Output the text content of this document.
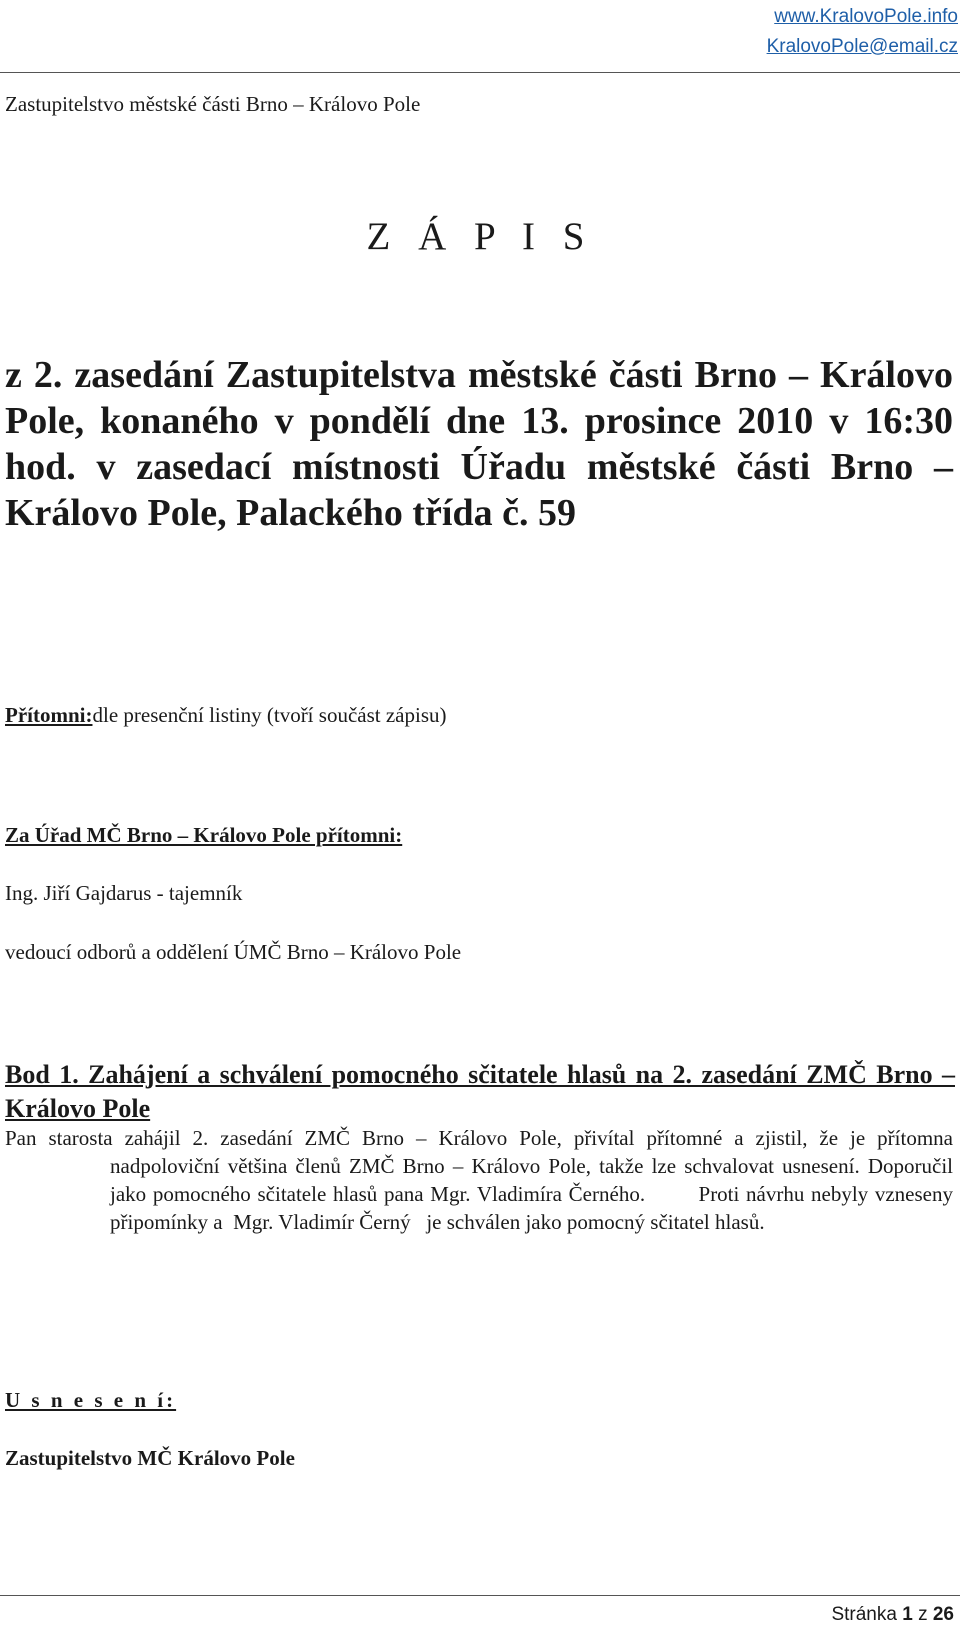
www.KralovoPole.info
KralovoPole@email.cz
Zastupitelstvo městské části Brno – Královo Pole
Z Á P I S
z 2. zasedání Zastupitelstva městské části Brno – Královo Pole, konaného v pondělí dne 13. prosince 2010 v 16:30 hod. v zasedací místnosti Úřadu městské části Brno – Královo Pole, Palackého třída č. 59
Přítomni:dle presenční listiny (tvoří součást zápisu)
Za Úřad MČ Brno – Královo Pole přítomni:
Ing. Jiří Gajdarus - tajemník
vedoucí odborů a oddělení ÚMČ Brno – Královo Pole
Bod 1. Zahájení a schválení pomocného sčitatele hlasů na 2. zasedání ZMČ Brno – Královo Pole
Pan starosta zahájil 2. zasedání ZMČ Brno – Královo Pole, přivítal přítomné a zjistil, že je přítomna nadpoloviční většina členů ZMČ Brno – Královo Pole, takže lze schvalovat usnesení. Doporučil jako pomocného sčitatele hlasů pana Mgr. Vladimíra Černého.        Proti návrhu nebyly vzneseny připomínky a  Mgr. Vladimír Černý   je schválen jako pomocný sčitatel hlasů.
U s n e s e n í:
Zastupitelstvo MČ Královo Pole
Stránka 1 z 26
